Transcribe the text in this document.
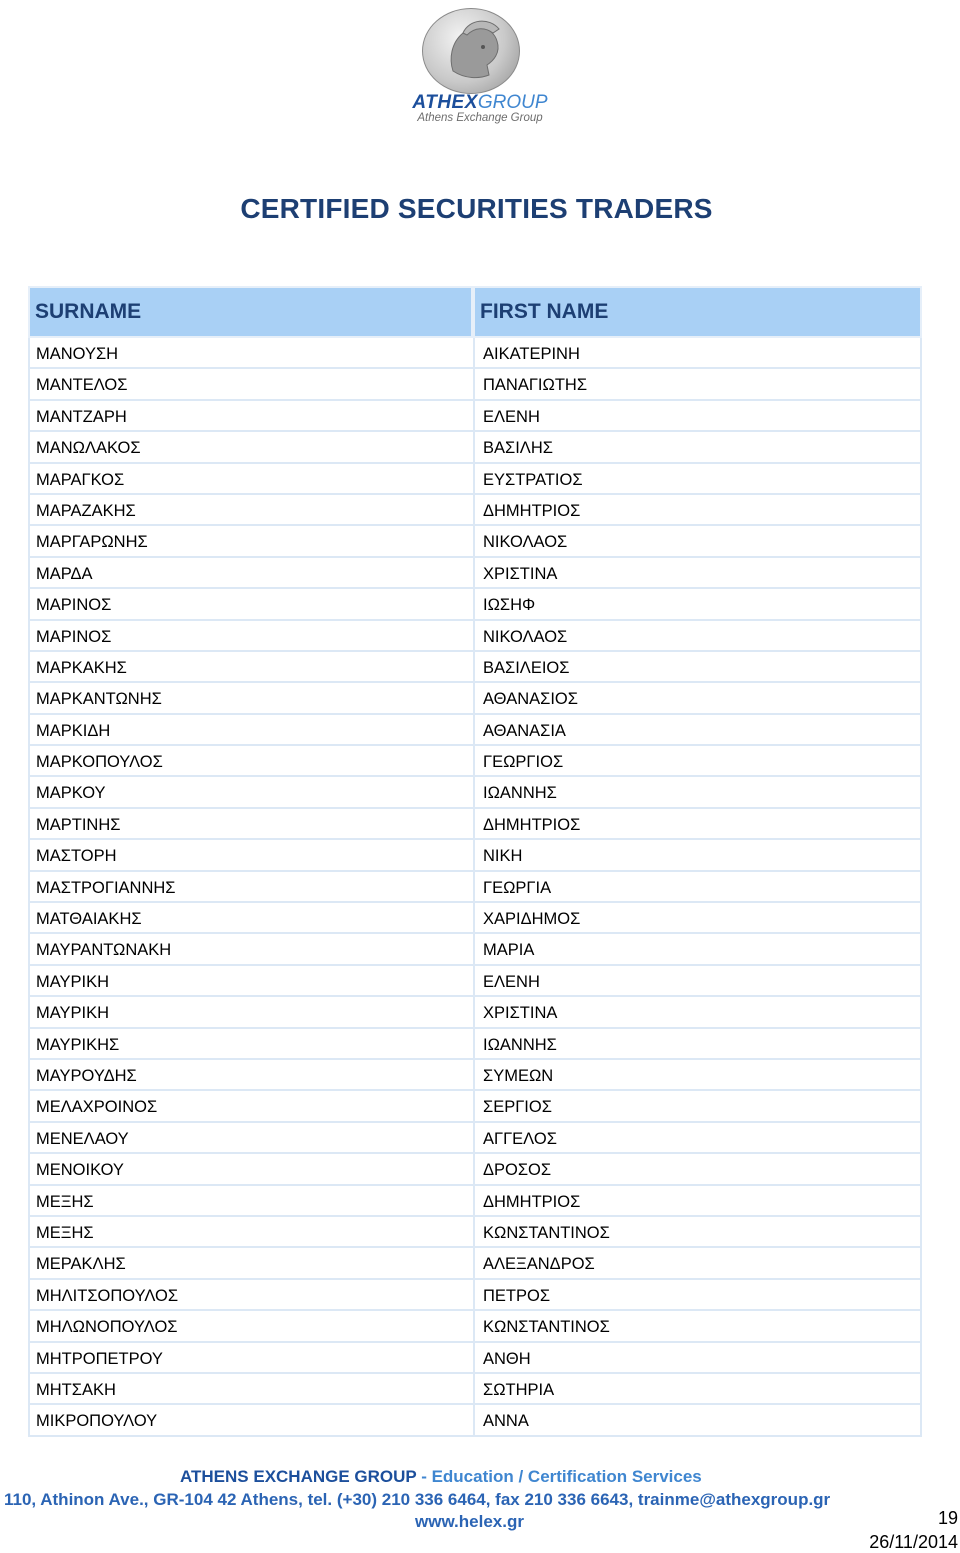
ATHEXGROUP
Athens Exchange Group
CERTIFIED SECURITIES TRADERS
SURNAME	FIRST NAME
ΜΑΝΟΥΣΗ	ΑΙΚΑΤΕΡΙΝΗ
ΜΑΝΤΕΛΟΣ	ΠΑΝΑΓΙΩΤΗΣ
ΜΑΝΤΖΑΡΗ	ΕΛΕΝΗ
ΜΑΝΩΛΑΚΟΣ	ΒΑΣΙΛΗΣ
ΜΑΡΑΓΚΟΣ	ΕΥΣΤΡΑΤΙΟΣ
ΜΑΡΑΖΑΚΗΣ	ΔΗΜΗΤΡΙΟΣ
ΜΑΡΓΑΡΩΝΗΣ	ΝΙΚΟΛΑΟΣ
ΜΑΡΔΑ	ΧΡΙΣΤΙΝΑ
ΜΑΡΙΝΟΣ	ΙΩΣΗΦ
ΜΑΡΙΝΟΣ	ΝΙΚΟΛΑΟΣ
ΜΑΡΚΑΚΗΣ	ΒΑΣΙΛΕΙΟΣ
ΜΑΡΚΑΝΤΩΝΗΣ	ΑΘΑΝΑΣΙΟΣ
ΜΑΡΚΙΔΗ	ΑΘΑΝΑΣΙΑ
ΜΑΡΚΟΠΟΥΛΟΣ	ΓΕΩΡΓΙΟΣ
ΜΑΡΚΟΥ	ΙΩΑΝΝΗΣ
ΜΑΡΤΙΝΗΣ	ΔΗΜΗΤΡΙΟΣ
ΜΑΣΤΟΡΗ	ΝΙΚΗ
ΜΑΣΤΡΟΓΙΑΝΝΗΣ	ΓΕΩΡΓΙΑ
ΜΑΤΘΑΙΑΚΗΣ	ΧΑΡΙΔΗΜΟΣ
ΜΑΥΡΑΝΤΩΝΑΚΗ	ΜΑΡΙΑ
ΜΑΥΡΙΚΗ	ΕΛΕΝΗ
ΜΑΥΡΙΚΗ	ΧΡΙΣΤΙΝΑ
ΜΑΥΡΙΚΗΣ	ΙΩΑΝΝΗΣ
ΜΑΥΡΟΥΔΗΣ	ΣΥΜΕΩΝ
ΜΕΛΑΧΡΟΙΝΟΣ	ΣΕΡΓΙΟΣ
ΜΕΝΕΛΑΟΥ	ΑΓΓΕΛΟΣ
ΜΕΝΟΙΚΟΥ	ΔΡΟΣΟΣ
ΜΕΞΗΣ	ΔΗΜΗΤΡΙΟΣ
ΜΕΞΗΣ	ΚΩΝΣΤΑΝΤΙΝΟΣ
ΜΕΡΑΚΛΗΣ	ΑΛΕΞΑΝΔΡΟΣ
ΜΗΛΙΤΣΟΠΟΥΛΟΣ	ΠΕΤΡΟΣ
ΜΗΛΩΝΟΠΟΥΛΟΣ	ΚΩΝΣΤΑΝΤΙΝΟΣ
ΜΗΤΡΟΠΕΤΡΟΥ	ΑΝΘΗ
ΜΗΤΣΑΚΗ	ΣΩΤΗΡΙΑ
ΜΙΚΡΟΠΟΥΛΟΥ	ΑΝΝΑ
ATHENS EXCHANGE GROUP - Education / Certification Services
110, Athinon Ave., GR-104 42 Athens, tel. (+30) 210 336 6464, fax 210 336 6643, trainme@athexgroup.gr
www.helex.gr	19
26/11/2014
